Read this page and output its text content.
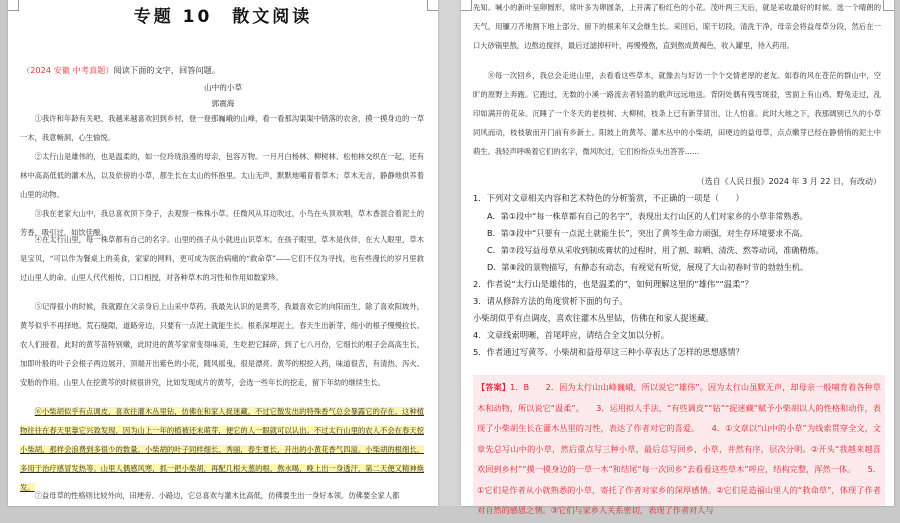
专题 10　散文阅读
（2024 安徽 中考真题）阅读下面的文字，回答问题。
山中的小草
郭震海

①我许和年龄有关吧，我越来越喜欢回到乡村，登一登那巍峨的山峰，看一看那沟渠渠中错落的农舍，摸一摸身边的一草一木，我意畅洞，心生愉悦。

②太行山是雄伟的，也是温柔的，如一位玲珑浪漫的母亲，包容万物。一月月白杨林、柳树林、松柏林交织在一起，还有林中高高低低的灌木丛，以及依傍的小草，都生长在太山的怀抱里。太山无声，默默地哺育着草木；草木无言，静静地供养着山里的动物。

③我在老家大山中，我总喜欢顶下身子，去观察一株株小草。任微风从耳边吹过，小鸟在头顶欢唱，草木香混合着泥土的芳香，吸引过，如饮佳酿。

④在太行山里，每一株草都有自己的名字。山里的孩子从小就进山识草木。在孩子眼里，草木是伙伴，在大人眼里，草木是宝贝，“可以作为餐桌上的美食，家家的网料，更可成为医治病痛的“救命草”——它们不仅为寻找，也有些漫长的岁月里救过山里人的命。山里人代代相传，口口相授，对各种草木的习性和作用如数家珍。

⑤记得很小的时候，我就跟在父亲身后上山采中草药。我最先认识的是黄芩，我最喜欢它的向阳而生，除了喜欢阳坡外，黄芩似乎不再择地。荒石缝隙，道路旁边，只要有一点泥土就能生长。根系深埋泥土，春天生出新芽，细小的根子慢慢拉长。农人们接着，此时的黄芩苗特别嫩，此时进的黄芩家常变得味美，生吃把它踩碎，到了七八月份，它细长的根子会高高生长，加即叶般的叶子会根子两边展开，顶端开出紫色的小花，随风摇曳，很是漂亮。黄芩的根挖入药，味道很苦，有清热、泻火、安胎的作用。山里人在挖黄芩的时候很讲究，比如发现成片的黄芩，会选一些年长的挖走，留下年幼的继续生长。

⑥小柴胡似乎有点调皮，喜欢往灌木丛里钻，仿佛在和家人捉迷藏。不过它散发出的特殊香气总会暴露它的存在。这种植物往往在春天里靠它兴致发现，因为山上一年的植被还未萌芽，便它的人一眼就可以认出。不过太行山里的农人不会在春天挖小柴胡，那样会浪费到多很少的数量。小柴胡的叶子同样细长、秀丽，春生夏长，开出的小黄花香气四溢。小柴胡的根细长，多用于治疗感冒发热等。山里人偶感风寒，抓一把小柴胡，再配几根大葱的根，熬水喝，晚上出一身透汗，第二天便又精神焕发。

⑦益母草的性格则比较外向，田埂旁、小路边，它总喜欢与灌木比高低，仿佛要生出一身好本领。仿佛要全家人都

先知。喊小的新叶呈卵圆形，常叶多为卵圆条，上开满了粉红色的小花。茂叶两三天后，就是采收最好的时候。选一个晴朗的天气，用镰刀齐地割下地上部分，留下的根来年又会继生长。采回后，晾干切段，清洗干净，母亲会将益母草分段，然后在一口大砂锅里熬，边熬边搅拌，最后过滤掉秆叶，再慢慢熬，直到熬成黄褐色，收入罐里，待入药用。

⑧每一次回乡，我总会走进山里，去看看这些草木，就像去与好访一个个交情老厚的老友。如春的风在苍茫的群山中，空旷的原野上奔跑。它跑过，无数的小溪一路流去者轻盈的歌声远远地送。背阴处偶有残雪斑驳，雪面上有山鸡、野兔走过，乱印如满开的花朵。沉睡了一个冬天的老枝树、大柳树，枝条上已有新芽冒出，让人怕喜。此时大地之下，我那阔别已久的小草同风而动，枝枝敏而开门前有乡新土。阳坡上的黄芩、灌木丛中的小柴胡，田埂边的益母草，点点嫩芽已经在静悄悄的泥土中萌生。我轻声呼唤着它们的名字，微风吹过，它们纷纷点头出答答……

（选自《人民日报》2024 年 3 月 22 日，有改动）
1．下列对文章相关内容和艺术特色的分析鉴赏，不正确的一项是（　　）
A．第①段中“每一株草都有自己的名字”，表现出太行山区的人们对家乡的小草非常熟悉。
B．第③段中“只要有一点泥土就能生长”，突出了黄芩生命力顽强，对生存环境要求不高。
C．第⑦段写益母草从采收到制成膏状的过程时，用了割、晾晒、清洗、熬等动词，准确精炼。
D．第⑧段的景物描写，有静态有动态，有视觉有听觉，展现了大山初春时节的勃勃生机。
2．作者说“太行山是雄伟的，也是温柔的”，如何理解这里的“雄伟”“温柔”？
3．请从修辞方法的角度赏析下面的句子。
小柴胡似乎有点调皮，喜欢往灌木丛里钻，仿佛在和家人捉迷藏。
4．文章线索明晰，首尾呼应，请结合全文加以分析。
5．作者通过写黄芩、小柴胡和益母草这三种小草表达了怎样的思想感情？

【答案】1．B　　2．因为太行山山峰巍峨，所以说它“雄伟”。因为太行山虽默无声，却母亲一般哺育着各种草木和动物，所以说它“温柔”。　　3．运用拟人手法，“有些调皮”“钻”“捉迷藏”赋予小柴胡以人的性格和动作，表现了小柴胡生长在灌木丛里的习性，表达了作者对它的喜爱。　　4．①文章以“山中的小草”为线索贯穿全文，文章先总写山中的小草，然后重点写三种小草，最后总写回乡，小草，井然有序，层次分明。②开头“我越来越喜欢回到乡村”“摸一摸身边的一草一木”和结尾“每一次回乡”去看看这些草木”呼应，结构完整，浑然一体。　　5．①它们是作者从小就熟悉的小草，寄托了作者对家乡的深厚感情。②它们是造福山里人的“救命草”，体现了作者对自然的感恩之情。③它们与家乡人关系密切，表现了作者对人与
